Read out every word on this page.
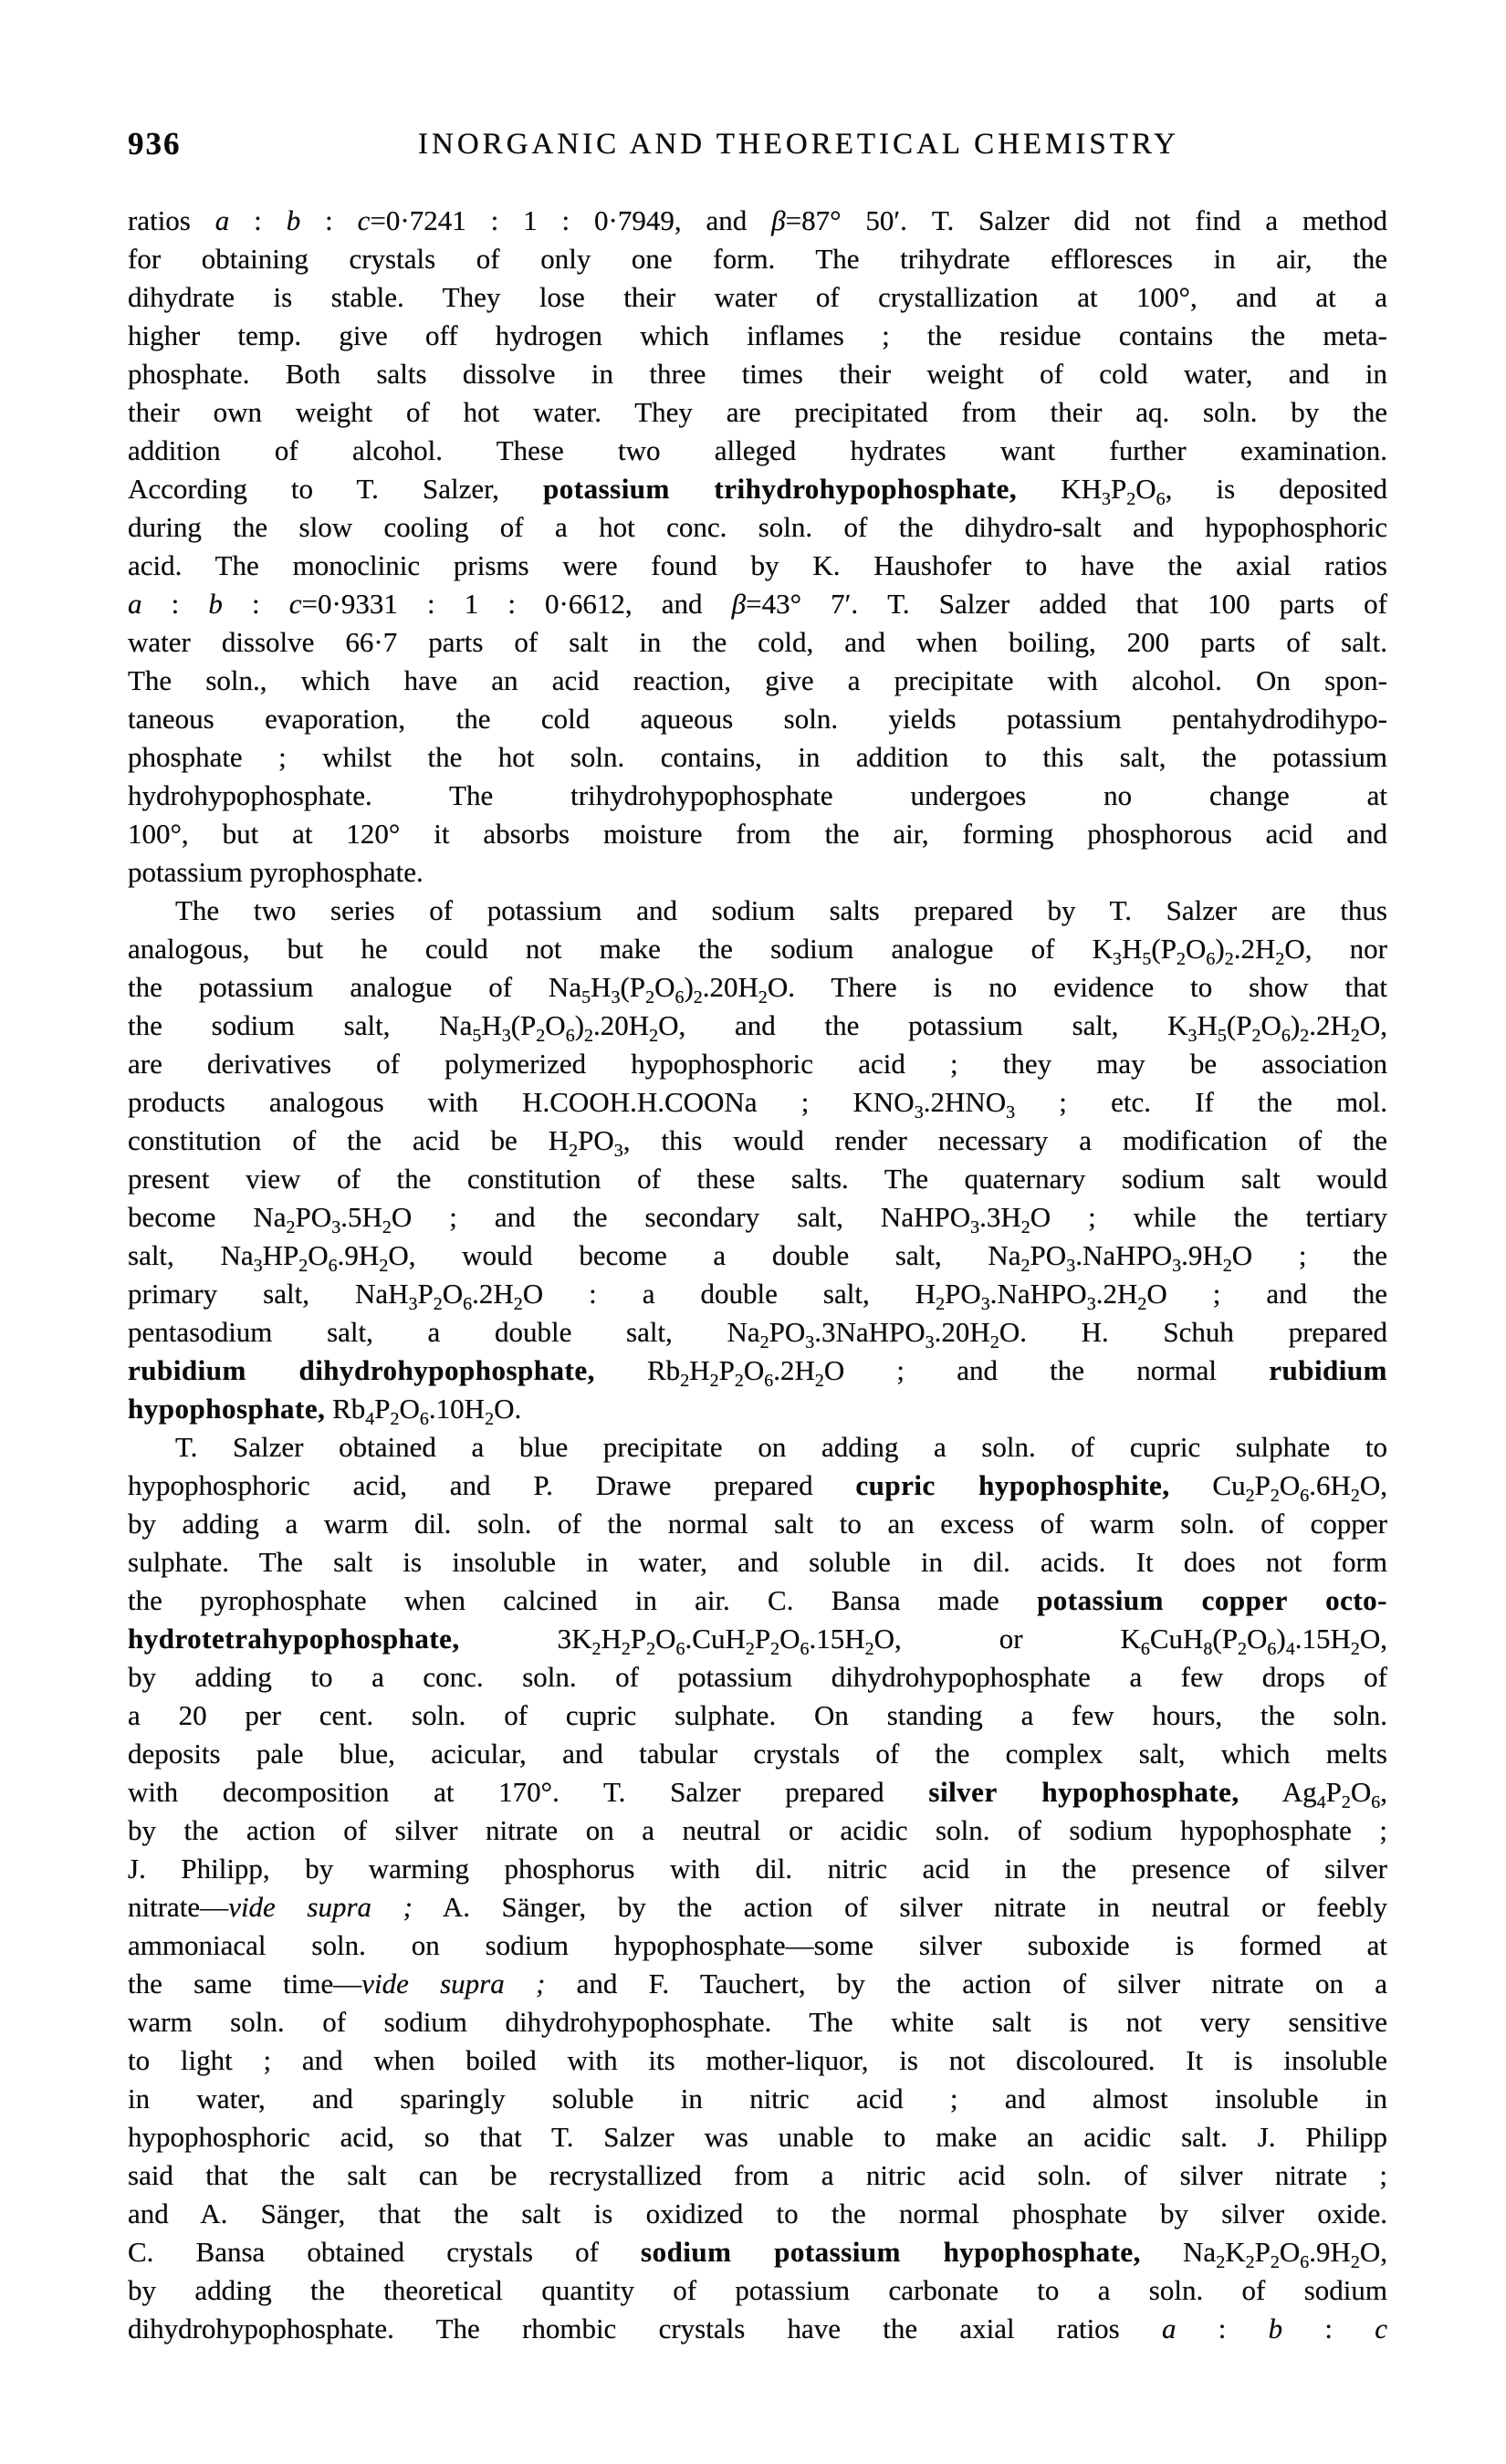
936	INORGANIC AND THEORETICAL CHEMISTRY
ratios a : b : c=0·7241 : 1 : 0·7949, and β=87° 50′. T. Salzer did not find a method
for obtaining crystals of only one form. The trihydrate effloresces in air, the
dihydrate is stable. They lose their water of crystallization at 100°, and at a
higher temp. give off hydrogen which inflames ; the residue contains the meta-
phosphate. Both salts dissolve in three times their weight of cold water, and in
their own weight of hot water. They are precipitated from their aq. soln. by the
addition of alcohol. These two alleged hydrates want further examination.
According to T. Salzer, potassium trihydrohypophosphate, $KH_3P_2O_6$, is deposited
during the slow cooling of a hot conc. soln. of the dihydro-salt and hypophosphoric
acid. The monoclinic prisms were found by K. Haushofer to have the axial ratios
a : b : c=0·9331 : 1 : 0·6612, and β=43° 7′. T. Salzer added that 100 parts of
water dissolve 66·7 parts of salt in the cold, and when boiling, 200 parts of salt.
The soln., which have an acid reaction, give a precipitate with alcohol. On spon-
taneous evaporation, the cold aqueous soln. yields potassium pentahydrodihypo-
phosphate ; whilst the hot soln. contains, in addition to this salt, the potassium
hydrohypophosphate. The trihydrohypophosphate undergoes no change at
100°, but at 120° it absorbs moisture from the air, forming phosphorous acid and
potassium pyrophosphate.
The two series of potassium and sodium salts prepared by T. Salzer are thus
analogous, but he could not make the sodium analogue of $K_3H_5(P_2O_6)_2.2H_2O$, nor
the potassium analogue of $Na_5H_3(P_2O_6)_2.20H_2O$. There is no evidence to show that
the sodium salt, $Na_5H_3(P_2O_6)_2.20H_2O$, and the potassium salt, $K_3H_5(P_2O_6)_2.2H_2O$,
are derivatives of polymerized hypophosphoric acid ; they may be association
products analogous with H.COOH.H.COONa ; $KNO_3.2HNO_3$ ; etc. If the mol.
constitution of the acid be $H_2PO_3$, this would render necessary a modification of the
present view of the constitution of these salts. The quaternary sodium salt would
become $Na_2PO_3.5H_2O$ ; and the secondary salt, $NaHPO_3.3H_2O$ ; while the tertiary
salt, $Na_3HP_2O_6.9H_2O$, would become a double salt, $Na_2PO_3.NaHPO_3.9H_2O$ ; the
primary salt, $NaH_3P_2O_6.2H_2O$ : a double salt, $H_2PO_3.NaHPO_3.2H_2O$ ; and the
pentasodium salt, a double salt, $Na_2PO_3.3NaHPO_3.20H_2O$. H. Schuh prepared
rubidium dihydrohypophosphate, $Rb_2H_2P_2O_6.2H_2O$ ; and the normal rubidium
hypophosphate, $Rb_4P_2O_6.10H_2O$.
T. Salzer obtained a blue precipitate on adding a soln. of cupric sulphate to
hypophosphoric acid, and P. Drawe prepared cupric hypophosphite, $Cu_2P_2O_6.6H_2O$,
by adding a warm dil. soln. of the normal salt to an excess of warm soln. of copper
sulphate. The salt is insoluble in water, and soluble in dil. acids. It does not form
the pyrophosphate when calcined in air. C. Bansa made potassium copper octo-
hydrotetrahypophosphate, $3K_2H_2P_2O_6.CuH_2P_2O_6.15H_2O$, or $K_6CuH_8(P_2O_6)_4.15H_2O$,
by adding to a conc. soln. of potassium dihydrohypophosphate a few drops of
a 20 per cent. soln. of cupric sulphate. On standing a few hours, the soln.
deposits pale blue, acicular, and tabular crystals of the complex salt, which melts
with decomposition at 170°. T. Salzer prepared silver hypophosphate, $Ag_4P_2O_6$,
by the action of silver nitrate on a neutral or acidic soln. of sodium hypophosphate ;
J. Philipp, by warming phosphorus with dil. nitric acid in the presence of silver
nitrate—vide supra ; A. Sänger, by the action of silver nitrate in neutral or feebly
ammoniacal soln. on sodium hypophosphate—some silver suboxide is formed at
the same time—vide supra ; and F. Tauchert, by the action of silver nitrate on a
warm soln. of sodium dihydrohypophosphate. The white salt is not very sensitive
to light ; and when boiled with its mother-liquor, is not discoloured. It is insoluble
in water, and sparingly soluble in nitric acid ; and almost insoluble in
hypophosphoric acid, so that T. Salzer was unable to make an acidic salt. J. Philipp
said that the salt can be recrystallized from a nitric acid soln. of silver nitrate ;
and A. Sänger, that the salt is oxidized to the normal phosphate by silver oxide.
C. Bansa obtained crystals of sodium potassium hypophosphate, $Na_2K_2P_2O_6.9H_2O$,
by adding the theoretical quantity of potassium carbonate to a soln. of sodium
dihydrohypophosphate. The rhombic crystals have the axial ratios a : b : c
